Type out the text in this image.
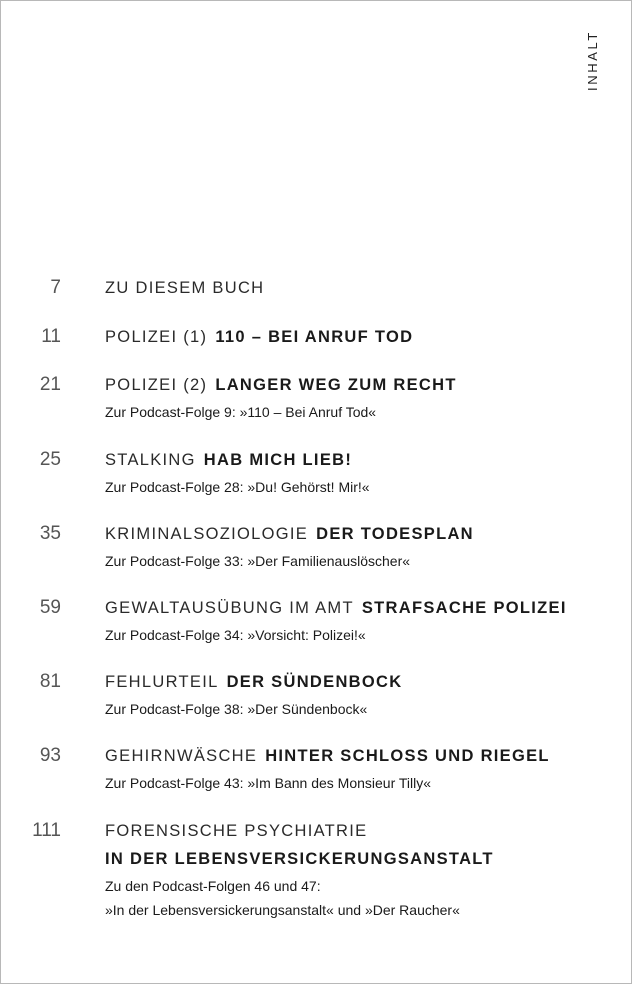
INHALT
7	ZU DIESEM BUCH
11	POLIZEI (1) 110 – BEI ANRUF TOD
21	POLIZEI (2) LANGER WEG ZUM RECHT
Zur Podcast-Folge 9: »110 – Bei Anruf Tod«
25	STALKING HAB MICH LIEB!
Zur Podcast-Folge 28: »Du! Gehörst! Mir!«
35	KRIMINALSOZIOLOGIE DER TODESPLAN
Zur Podcast-Folge 33: »Der Familienauslöscher«
59	GEWALTAUSÜBUNG IM AMT STRAFSACHE POLIZEI
Zur Podcast-Folge 34: »Vorsicht: Polizei!«
81	FEHLURTEIL DER SÜNDENBOCK
Zur Podcast-Folge 38: »Der Sündenbock«
93	GEHIRNWÄSCHE HINTER SCHLOSS UND RIEGEL
Zur Podcast-Folge 43: »Im Bann des Monsieur Tilly«
111	FORENSISCHE PSYCHIATRIE
IN DER LEBENSVERSICKERUNGSANSTALT
Zu den Podcast-Folgen 46 und 47:
»In der Lebensversickerungsanstalt« und »Der Raucher«
